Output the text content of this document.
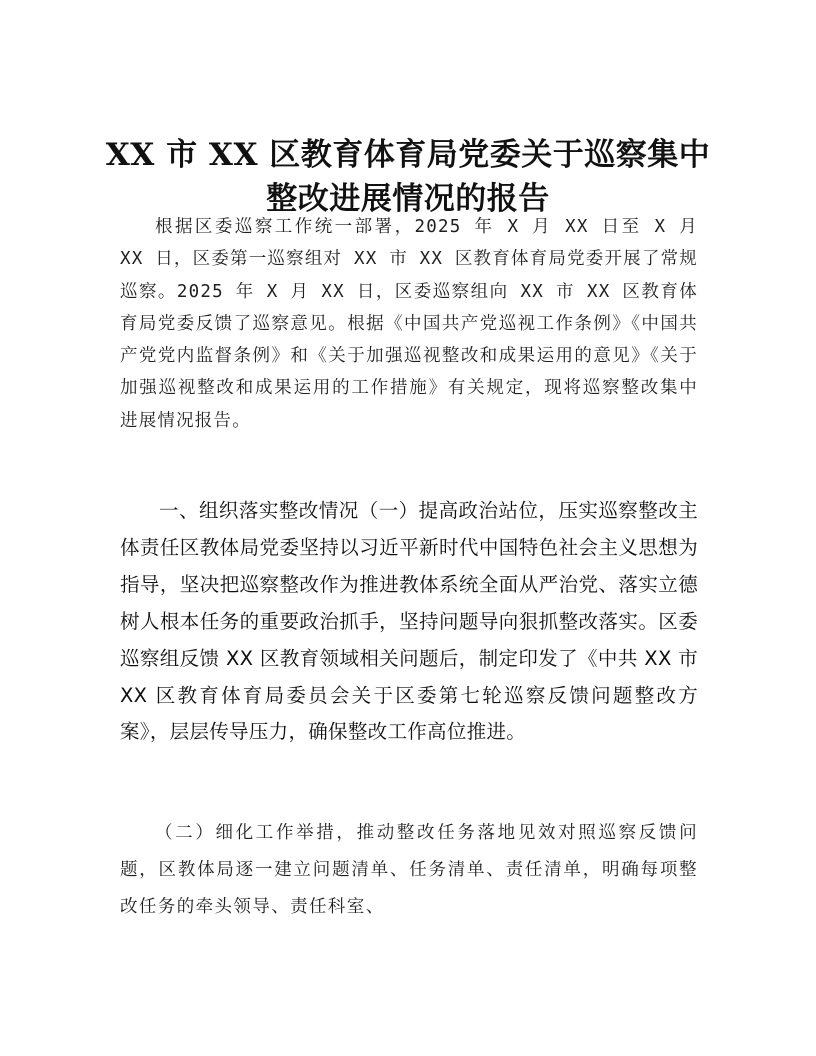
XX 市 XX 区教育体育局党委关于巡察集中整改进展情况的报告

根据区委巡察工作统一部署，2025 年 X 月 XX 日至 X 月 XX 日，区委第一巡察组对 XX 市 XX 区教育体育局党委开展了常规巡察。2025 年 X 月 XX 日，区委巡察组向 XX 市 XX 区教育体育局党委反馈了巡察意见。根据《中国共产党巡视工作条例》《中国共产党党内监督条例》和《关于加强巡视整改和成果运用的意见》《关于加强巡视整改和成果运用的工作措施》有关规定，现将巡察整改集中进展情况报告。

一、组织落实整改情况（一）提高政治站位，压实巡察整改主体责任区教体局党委坚持以习近平新时代中国特色社会主义思想为指导，坚决把巡察整改作为推进教体系统全面从严治党、落实立德树人根本任务的重要政治抓手，坚持问题导向狠抓整改落实。区委巡察组反馈 XX 区教育领域相关问题后，制定印发了《中共 XX 市 XX 区教育体育局委员会关于区委第七轮巡察反馈问题整改方案》，层层传导压力，确保整改工作高位推进。

（二）细化工作举措，推动整改任务落地见效对照巡察反馈问题，区教体局逐一建立问题清单、任务清单、责任清单，明确每项整改任务的牵头领导、责任科室、
